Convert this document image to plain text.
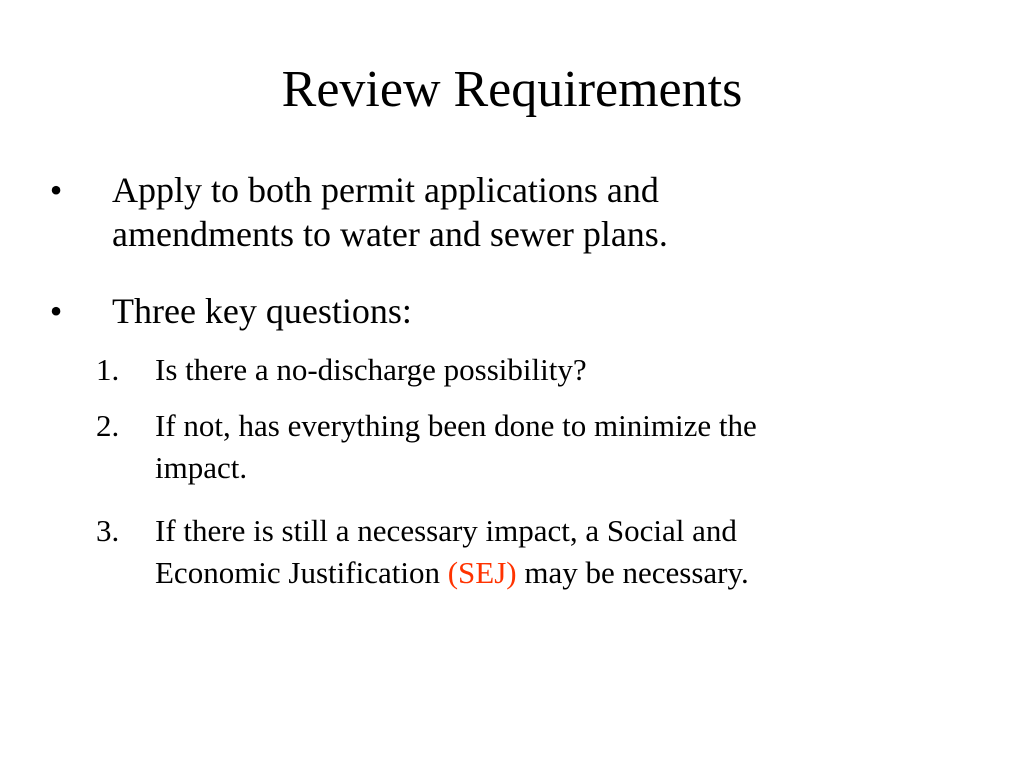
Review Requirements
• Apply to both permit applications and
amendments to water and sewer plans.
• Three key questions:
1.	Is there a no-discharge possibility?
2.	If not, has everything been done to minimize the
impact.
3.	If there is still a necessary impact, a Social and
Economic Justification (SEJ) may be necessary.
